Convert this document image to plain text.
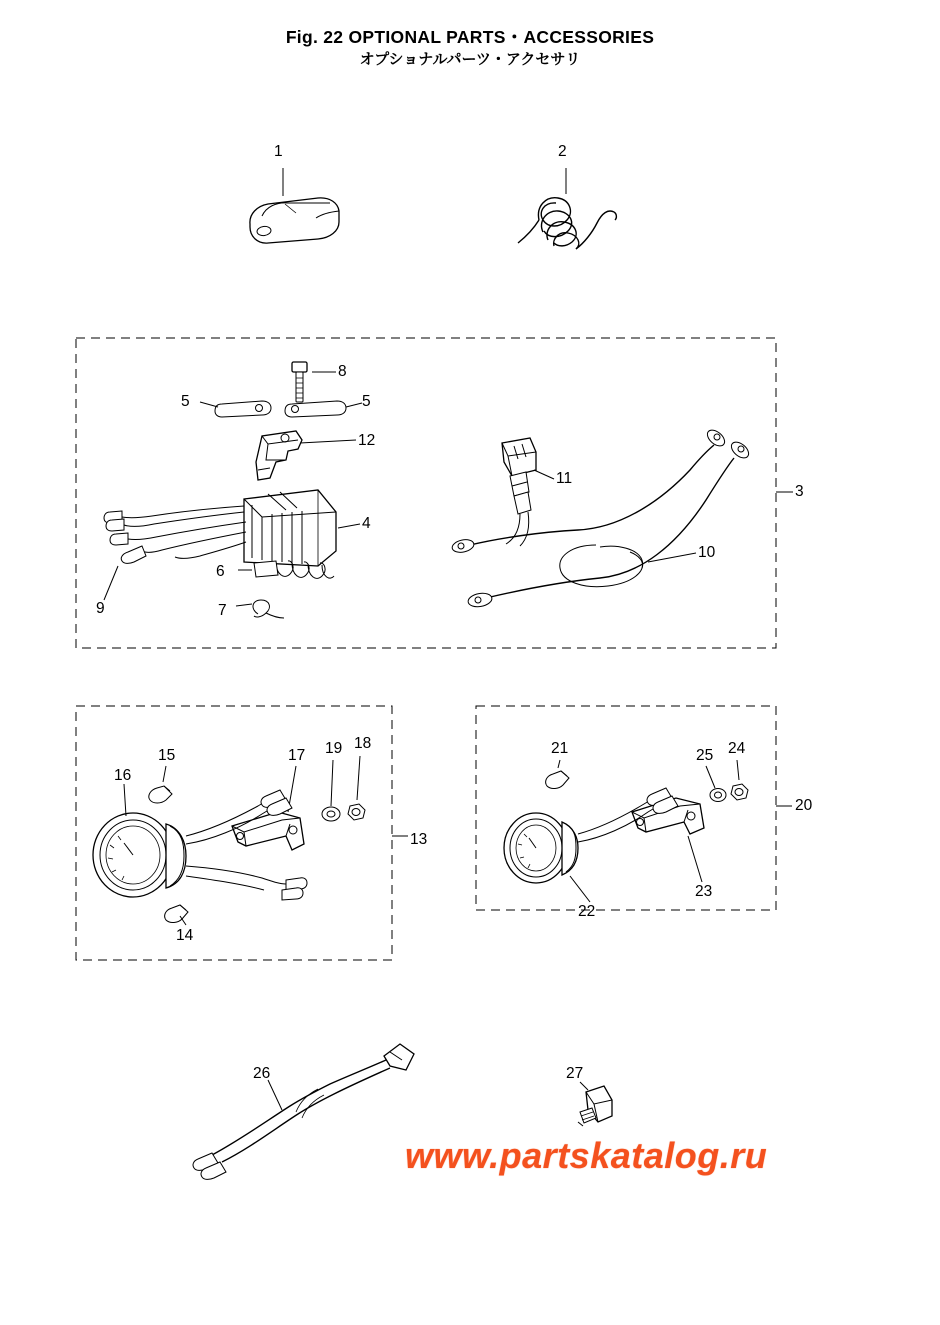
Fig. 22 OPTIONAL PARTS・ACCESSORIES
オプショナルパーツ・アクセサリ
1	2
3
4
5	5
6
7
8
9
10
11
12
13
14
15
16
17
18
19
20
21
22
23
24
25
26	27
www.partskatalog.ru
